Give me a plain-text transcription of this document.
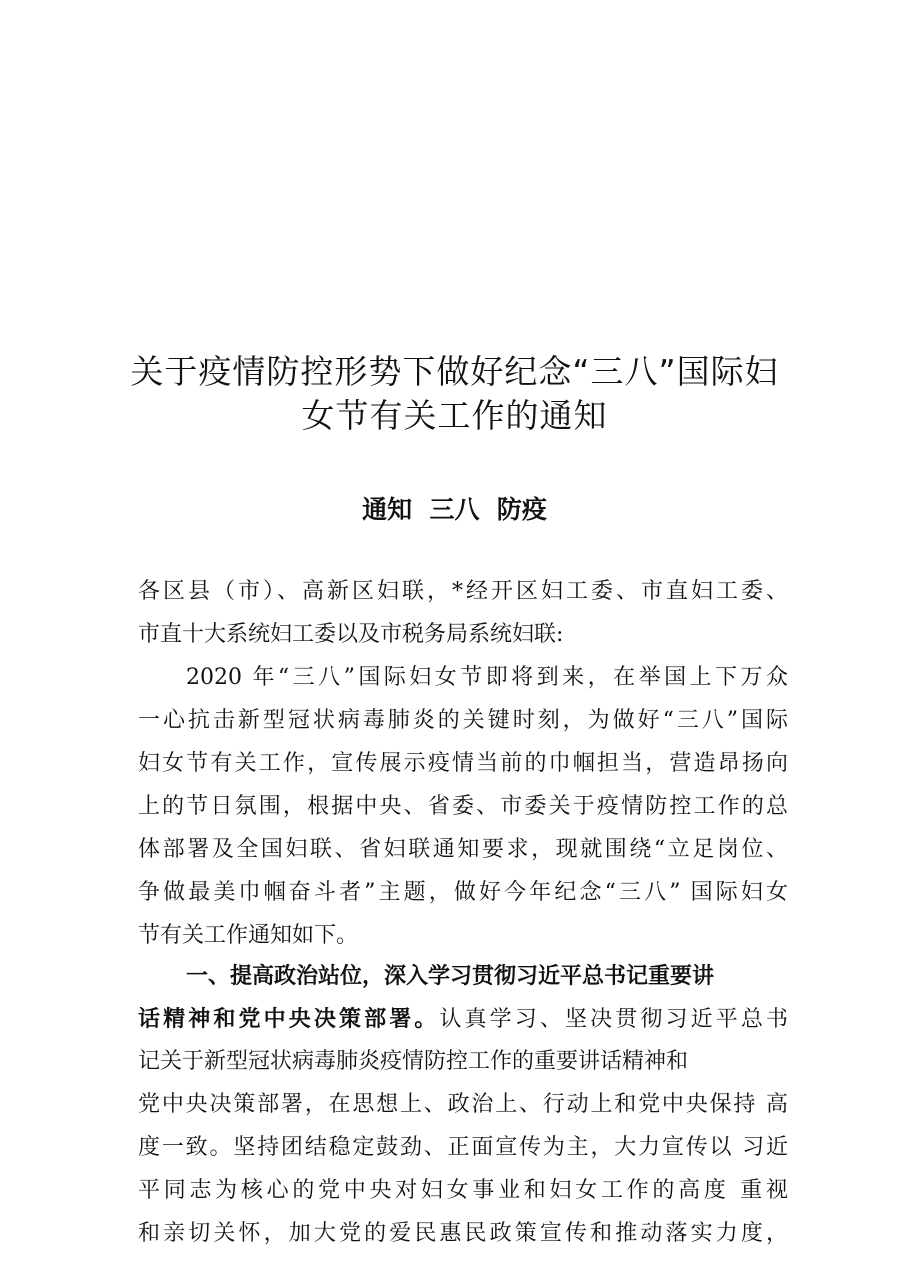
关于疫情防控形势下做好纪念“三八”国际妇
女节有关工作的通知
通知  三八  防疫
各区县（市）、高新区妇联，*经开区妇工委、市直妇工委、
市直十大系统妇工委以及市税务局系统妇联:
2020 年“三八”国际妇女节即将到来，在举国上下万众
一心抗击新型冠状病毒肺炎的关键时刻，为做好“三八”国际
妇女节有关工作，宣传展示疫情当前的巾帼担当，营造昂扬向
上的节日氛围，根据中央、省委、市委关于疫情防控工作的总
体部署及全国妇联、省妇联通知要求，现就围绕“立足岗位、
争做最美巾帼奋斗者”主题，做好今年纪念“三八” 国际妇女
节有关工作通知如下。
一、提高政治站位，深入学习贯彻习近平总书记重要讲
话精神和党中央决策部署。认真学习、坚决贯彻习近平总书
记关于新型冠状病毒肺炎疫情防控工作的重要讲话精神和
党中央决策部署，在思想上、政治上、行动上和党中央保持 高
度一致。坚持团结稳定鼓劲、正面宣传为主，大力宣传以 习近
平同志为核心的党中央对妇女事业和妇女工作的高度 重视
和亲切关怀，加大党的爱民惠民政策宣传和推动落实力度，
